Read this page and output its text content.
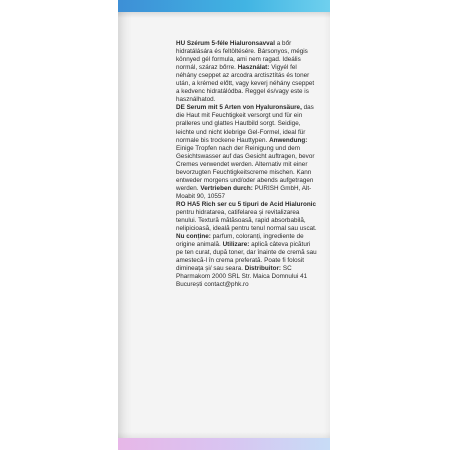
HU Szérum 5-féle Hialuronsavval a bőr hidratálására és feltöltésére. Bársonyos, mégis könnyed gél formula, ami nem ragad. Ideális normál, száraz bőrre. Használat: Vigyél fel néhány cseppet az arcodra arctisztítás és toner után, a krémed előtt, vagy keverj néhány cseppet a kedvenc hidratálódba. Reggel és/vagy este is használhatod.

DE Serum mit 5 Arten von Hyaluronsäure, das die Haut mit Feuchtigkeit versorgt und für ein pralleres und glattes Hautbild sorgt. Seidige, leichte und nicht klebrige Gel-Formel, ideal für normale bis trockene Hauttypen. Anwendung: Einige Tropfen nach der Reinigung und dem Gesichtswasser auf das Gesicht auftragen, bevor Cremes verwendet werden. Alternativ mit einer bevorzugten Feuchtigkeitscreme mischen. Kann entweder morgens und/oder abends aufgetragen werden. Vertrieben durch: PURISH GmbH, Alt-Moabit 90, 10557

RO HA5 Rich ser cu 5 tipuri de Acid Hialuronic pentru hidratarea, catifelarea și revitalizarea tenului. Textură mătăsoasă, rapid absorbabilă, nelipicioasă, ideală pentru tenul normal sau uscat. Nu conține: parfum, coloranți, ingrediente de origine animală. Utilizare: aplică câteva picături pe ten curat, după toner, dar înainte de cremă sau amestecă-l în crema preferată. Poate fi folosit dimineața și/ sau seara. Distribuitor: SC Pharmakom 2000 SRL Str. Maica Domnului 41 București contact@phk.ro
